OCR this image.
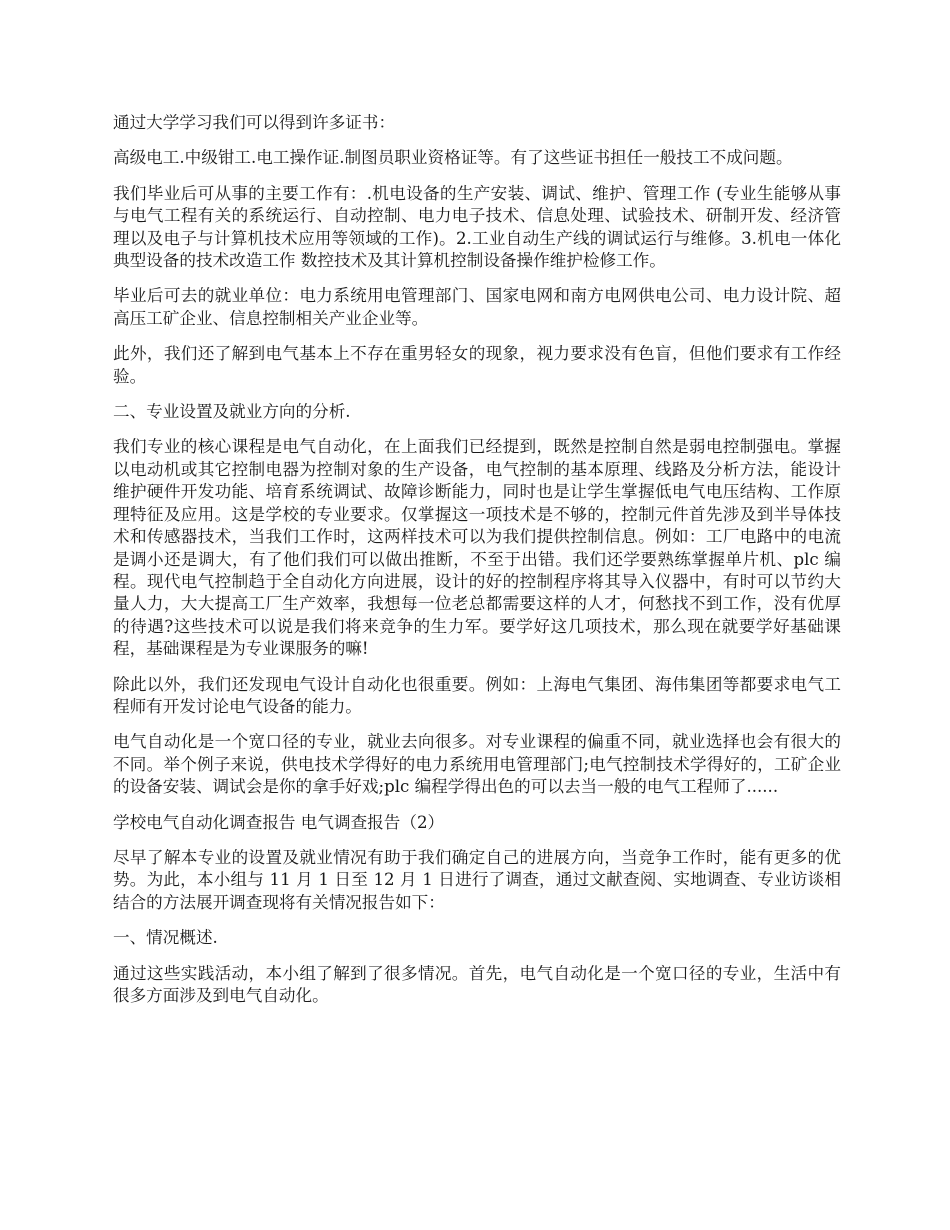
通过大学学习我们可以得到许多证书：

高级电工.中级钳工.电工操作证.制图员职业资格证等。有了这些证书担任一般技工不成问题。

我们毕业后可从事的主要工作有：.机电设备的生产安装、调试、维护、管理工作 (专业生能够从事与电气工程有关的系统运行、自动控制、电力电子技术、信息处理、试验技术、研制开发、经济管理以及电子与计算机技术应用等领域的工作)。2.工业自动生产线的调试运行与维修。3.机电一体化典型设备的技术改造工作 数控技术及其计算机控制设备操作维护检修工作。

毕业后可去的就业单位：电力系统用电管理部门、国家电网和南方电网供电公司、电力设计院、超高压工矿企业、信息控制相关产业企业等。

此外，我们还了解到电气基本上不存在重男轻女的现象，视力要求没有色盲，但他们要求有工作经验。

二、专业设置及就业方向的分析.

我们专业的核心课程是电气自动化，在上面我们已经提到，既然是控制自然是弱电控制强电。掌握以电动机或其它控制电器为控制对象的生产设备，电气控制的基本原理、线路及分析方法，能设计维护硬件开发功能、培育系统调试、故障诊断能力，同时也是让学生掌握低电气电压结构、工作原理特征及应用。这是学校的专业要求。仅掌握这一项技术是不够的，控制元件首先涉及到半导体技术和传感器技术，当我们工作时，这两样技术可以为我们提供控制信息。例如：工厂电路中的电流是调小还是调大，有了他们我们可以做出推断，不至于出错。我们还学要熟练掌握单片机、plc 编程。现代电气控制趋于全自动化方向进展，设计的好的控制程序将其导入仪器中，有时可以节约大量人力，大大提高工厂生产效率，我想每一位老总都需要这样的人才，何愁找不到工作，没有优厚的待遇?这些技术可以说是我们将来竞争的生力军。要学好这几项技术，那么现在就要学好基础课程，基础课程是为专业课服务的嘛!

除此以外，我们还发现电气设计自动化也很重要。例如：上海电气集团、海伟集团等都要求电气工程师有开发讨论电气设备的能力。

电气自动化是一个宽口径的专业，就业去向很多。对专业课程的偏重不同，就业选择也会有很大的不同。举个例子来说，供电技术学得好的电力系统用电管理部门;电气控制技术学得好的，工矿企业的设备安装、调试会是你的拿手好戏;plc 编程学得出色的可以去当一般的电气工程师了......

学校电气自动化调查报告 电气调查报告（2）

尽早了解本专业的设置及就业情况有助于我们确定自己的进展方向，当竞争工作时，能有更多的优势。为此，本小组与 11 月 1 日至 12 月 1 日进行了调查，通过文献查阅、实地调查、专业访谈相结合的方法展开调查现将有关情况报告如下：

一、情况概述.

通过这些实践活动，本小组了解到了很多情况。首先，电气自动化是一个宽口径的专业，生活中有很多方面涉及到电气自动化。
